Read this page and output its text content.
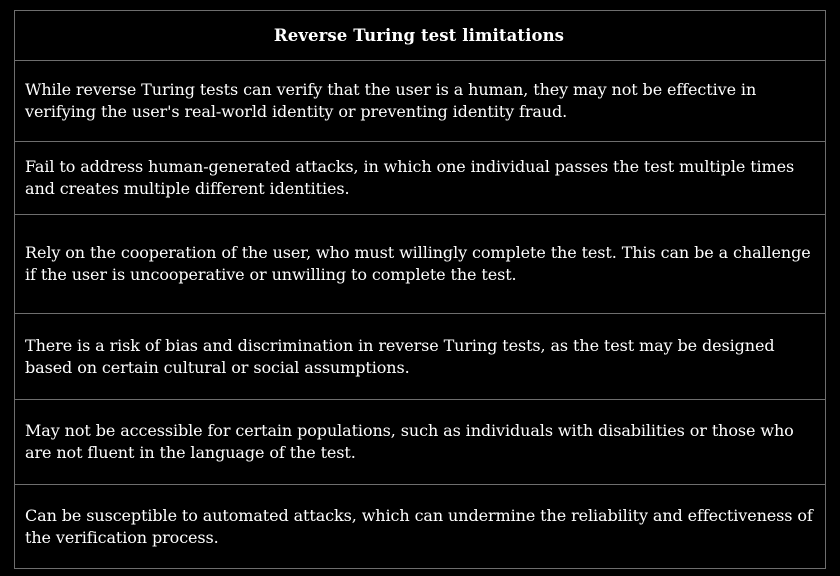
Reverse Turing test limitations
While reverse Turing tests can verify that the user is a human, they may not be effective in verifying the user's real-world identity or preventing identity fraud.
Fail to address human-generated attacks, in which one individual passes the test multiple times and creates multiple different identities.
Rely on the cooperation of the user, who must willingly complete the test. This can be a challenge if the user is uncooperative or unwilling to complete the test.
There is a risk of bias and discrimination in reverse Turing tests, as the test may be designed based on certain cultural or social assumptions.
May not be accessible for certain populations, such as individuals with disabilities or those who are not fluent in the language of the test.
Can be susceptible to automated attacks, which can undermine the reliability and effectiveness of the verification process.
